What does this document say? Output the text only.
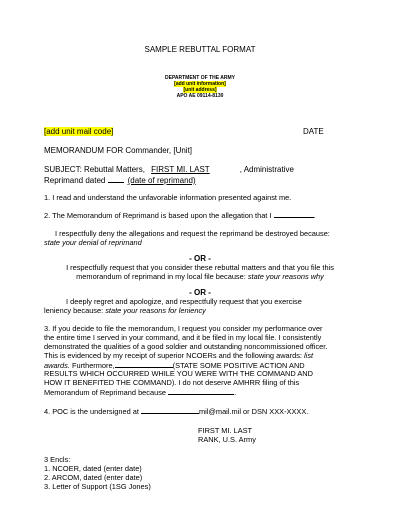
SAMPLE REBUTTAL FORMAT
DEPARTMENT OF THE ARMY
[add unit information]
[unit address]
APO AE 09114-8130
[add unit mail code]	DATE
MEMORANDUM FOR Commander, [Unit]
SUBJECT: Rebuttal Matters, FIRST MI. LAST	, Administrative
Reprimand dated	(date of reprimand)
1. I read and understand the unfavorable information presented against me.
2. The Memorandum of Reprimand is based upon the allegation that I	.
I respectfully deny the allegations and request the reprimand be destroyed because:
state your denial of reprimand
- OR -
I respectfully request that you consider these rebuttal matters and that you file this
memorandum of reprimand in my local file because: state your reasons why
- OR -
I deeply regret and apologize, and respectfully request that you exercise
leniency because: state your reasons for leniency
3. If you decide to file the memorandum, I request you consider my performance over
the entire time I served in your command, and it be filed in my local file. I consistently
demonstrated the qualities of a good soldier and outstanding noncommissioned officer.
This is evidenced by my receipt of superior NCOERs and the following awards: list
awards. Furthermore,	(STATE SOME POSITIVE ACTION AND
RESULTS WHICH OCCURRED WHILE YOU WERE WITH THE COMMAND AND
HOW IT BENEFITED THE COMMAND). I do not deserve AMHRR filing of this
Memorandum of Reprimand because	.
4. POC is the undersigned at	mil@mail.mil or DSN XXX-XXXX.
FIRST MI. LAST
RANK, U.S. Army
3 Encls:
1. NCOER, dated (enter date)
2. ARCOM, dated (enter date)
3. Letter of Support (1SG Jones)
